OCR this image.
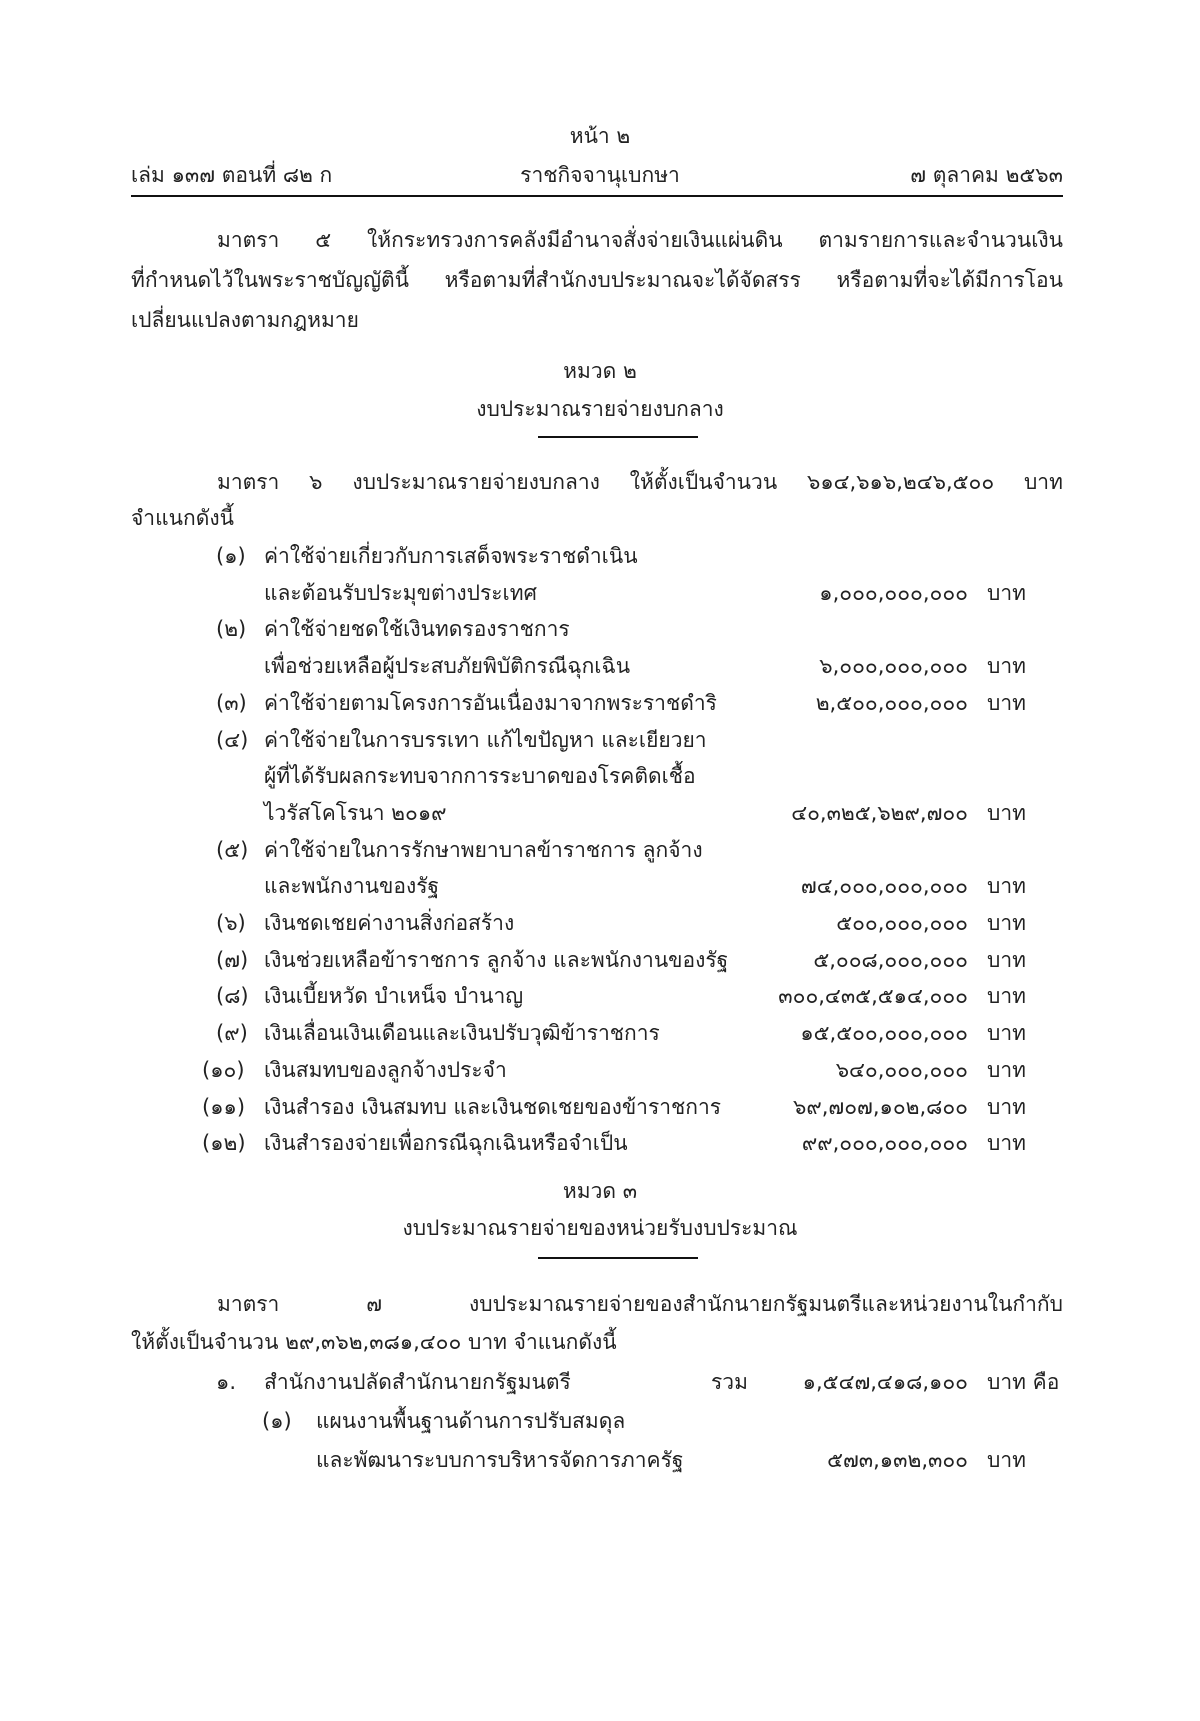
หน้า ๒
เล่ม ๑๓๗ ตอนที่ ๘๒ ก	ราชกิจจานุเบกษา	๗ ตุลาคม ๒๕๖๓
มาตรา ๕ ให้กระทรวงการคลังมีอำนาจสั่งจ่ายเงินแผ่นดิน ตามรายการและจำนวนเงิน
ที่กำหนดไว้ในพระราชบัญญัตินี้ หรือตามที่สำนักงบประมาณจะได้จัดสรร หรือตามที่จะได้มีการโอน
เปลี่ยนแปลงตามกฎหมาย
หมวด ๒
งบประมาณรายจ่ายงบกลาง
มาตรา ๖ งบประมาณรายจ่ายงบกลาง ให้ตั้งเป็นจำนวน ๖๑๔,๖๑๖,๒๔๖,๕๐๐ บาท
จำแนกดังนี้
(๑) ค่าใช้จ่ายเกี่ยวกับการเสด็จพระราชดำเนิน
และต้อนรับประมุขต่างประเทศ	๑,๐๐๐,๐๐๐,๐๐๐ บาท
(๒) ค่าใช้จ่ายชดใช้เงินทดรองราชการ
เพื่อช่วยเหลือผู้ประสบภัยพิบัติกรณีฉุกเฉิน	๖,๐๐๐,๐๐๐,๐๐๐ บาท
(๓) ค่าใช้จ่ายตามโครงการอันเนื่องมาจากพระราชดำริ	๒,๕๐๐,๐๐๐,๐๐๐ บาท
(๔) ค่าใช้จ่ายในการบรรเทา แก้ไขปัญหา และเยียวยา
ผู้ที่ได้รับผลกระทบจากการระบาดของโรคติดเชื้อ
ไวรัสโคโรนา ๒๐๑๙	๔๐,๓๒๕,๖๒๙,๗๐๐ บาท
(๕) ค่าใช้จ่ายในการรักษาพยาบาลข้าราชการ ลูกจ้าง
และพนักงานของรัฐ	๗๔,๐๐๐,๐๐๐,๐๐๐ บาท
(๖) เงินชดเชยค่างานสิ่งก่อสร้าง	๕๐๐,๐๐๐,๐๐๐ บาท
(๗) เงินช่วยเหลือข้าราชการ ลูกจ้าง และพนักงานของรัฐ	๕,๐๐๘,๐๐๐,๐๐๐ บาท
(๘) เงินเบี้ยหวัด บำเหน็จ บำนาญ	๓๐๐,๔๓๕,๕๑๔,๐๐๐ บาท
(๙) เงินเลื่อนเงินเดือนและเงินปรับวุฒิข้าราชการ	๑๕,๕๐๐,๐๐๐,๐๐๐ บาท
(๑๐) เงินสมทบของลูกจ้างประจำ	๖๔๐,๐๐๐,๐๐๐ บาท
(๑๑) เงินสำรอง เงินสมทบ และเงินชดเชยของข้าราชการ	๖๙,๗๐๗,๑๐๒,๘๐๐ บาท
(๑๒) เงินสำรองจ่ายเพื่อกรณีฉุกเฉินหรือจำเป็น	๙๙,๐๐๐,๐๐๐,๐๐๐ บาท
หมวด ๓
งบประมาณรายจ่ายของหน่วยรับงบประมาณ
มาตรา	๗	งบประมาณรายจ่ายของสำนักนายกรัฐมนตรีและหน่วยงานในกำกับ
ให้ตั้งเป็นจำนวน ๒๙,๓๖๒,๓๘๑,๔๐๐ บาท จำแนกดังนี้
๑. สำนักงานปลัดสำนักนายกรัฐมนตรี	รวม	๑,๕๔๗,๔๑๘,๑๐๐ บาท คือ
(๑) แผนงานพื้นฐานด้านการปรับสมดุล
และพัฒนาระบบการบริหารจัดการภาครัฐ	๕๗๓,๑๓๒,๓๐๐ บาท
